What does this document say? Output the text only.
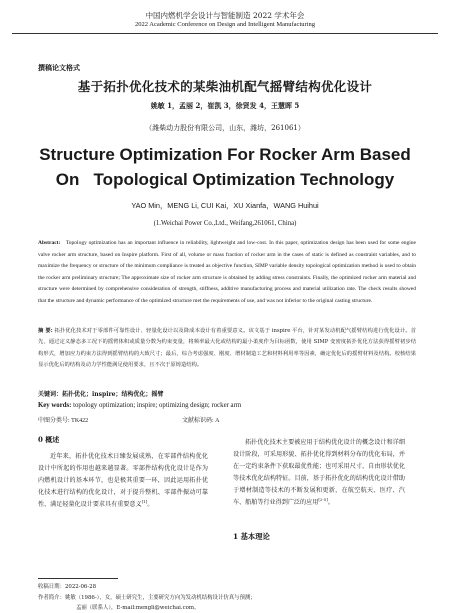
中国内燃机学会设计与智能制造 2022 学术年会
2022 Academic Conference on Design and Intelligent Manufacturing
撰稿论文格式
基于拓扑优化技术的某柴油机配气摇臂结构优化设计
姚敏 1，孟丽 2，崔凯 3，徐贤发 4，王慧晖 5
（潍柴动力股份有限公司，山东，潍坊，261061）
Structure Optimization For Rocker Arm Based
On   Topological Optimization Technology
YAO Min，MENG Li, CUI Kai，XU Xianfa，WANG Huihui
(1.Weichai Power Co.,Ltd., Weifang,261061, China)
Abstract: Topology optimization has an important influence in reliability, lightweight and low-cost. In this paper, optimization design has been used for some engine valve rocker arm structure, based on Inspire platform. First of all, volume or mass fraction of rocker arm in the cases of static is defined as constraint variables, and to maximize the frequency or structure of the minimum compliance is treated as objective function, SIMP variable density topological optimization method is used to obtain the rocker arm preliminary structure; The approximate size of rocker arm structure is obtained by adding stress constraints. Finally, the optimized rocker arm material and structure were determined by comprehensive consideration of strength, stiffness, additive manufacturing process and material utilization rate. The check results showed that the structure and dynamic performance of the optimized structure met the requirements of use, and was not inferior to the original casting structure.
摘 要: 拓扑优化技术对于零部件可靠性设计、轻量化设计以及降成本设计有着重要意义。该文基于 inspire 平台，针对某发动机配气摇臂结构进行优化设计。首先，通过定义静态多工况下的摇臂体积或质量分数为约束变量，将频率最大化或结构的最小柔度作为目标函数，使用 SIMP 变密度拓扑优化方法获得摇臂初步结构形式，增加应力约束方法得到摇臂结构的大致尺寸；最后，综合考虑强度、刚度、增材制造工艺和材料利用率等因素，确定优化后的摇臂材料及结构。校核结果显示优化后的结构及动力学性能满足使用要求，且不次于原铸造结构。
关键词：拓扑优化；inspire；结构优化；摇臂
Key words: topology optimization; inspire; optimizing design; rocker arm
中图分类号: TK422	文献标识码: A
0 概述
近年来，拓扑优化技术日臻发展成熟，在零部件结构优化设计中所起的作用也越来越显著。零部件结构优化设计是作为内燃机设计的基本环节，也是极其重要一环，因此运用拓扑优化技术进行结构的优化设计，对于提升整机、零部件振动可靠性、满足轻量化设计要求具有重要意义[1]。
拓扑优化技术主要被应用于结构优化设计的概念设计和详细设计阶段，可采用形貌、拓扑优化得到材料分布的优化布局，并在一定约束条件下获取最优性能；也可采用尺寸、自由形状优化等技术优化结构特征。目前，基于拓扑优化的结构优化设计借助于增材制造等技术的不断发展和更新，在航空航天、医疗、汽车、船舶等行业得到广泛的应用[2-5]。
1 基本理论
收稿日期：2022-06-28
作者简介：姚敏（1986-），女，硕士研究生，主要研究方向为发动机结构设计仿真与预测；
孟丽（联系人），E-mail:mengli@weichai.com。
